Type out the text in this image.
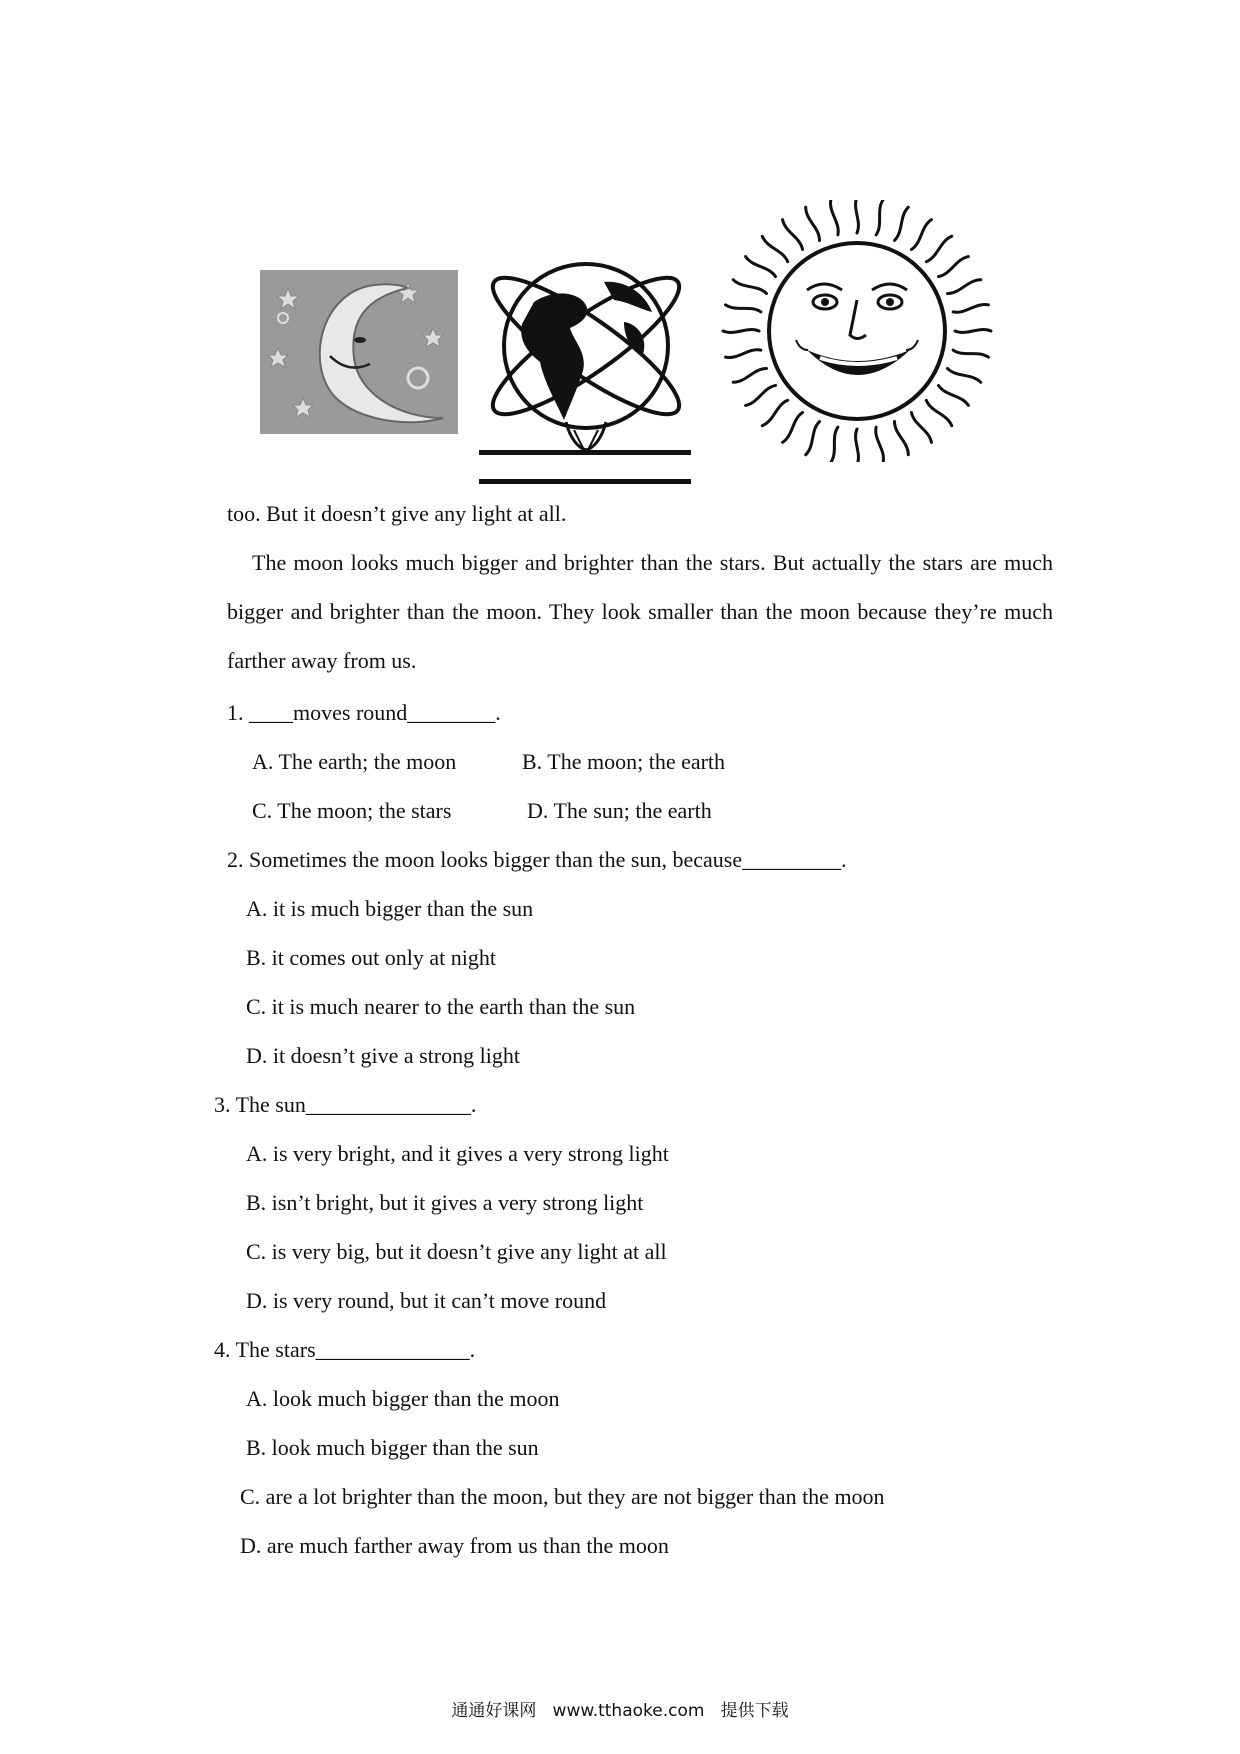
too. But it doesn’t give any light at all.
The moon looks much bigger and brighter than the stars. But actually the stars are much bigger and brighter than the moon. They look smaller than the moon because they’re much farther away from us.
1. ____moves round________.
A. The earth; the moon	B. The moon; the earth
C. The moon; the stars	D. The sun; the earth
2. Sometimes the moon looks bigger than the sun, because_________.
A. it is much bigger than the sun
B. it comes out only at night
C. it is much nearer to the earth than the sun
D. it doesn’t give a strong light
3. The sun_______________.
A. is very bright, and it gives a very strong light
B. isn’t bright, but it gives a very strong light
C. is very big, but it doesn’t give any light at all
D. is very round, but it can’t move round
4. The stars______________.
A. look much bigger than the moon
B. look much bigger than the sun
C. are a lot brighter than the moon, but they are not bigger than the moon
D. are much farther away from us than the moon
通通好课网 www.tthaoke.com 提供下载
